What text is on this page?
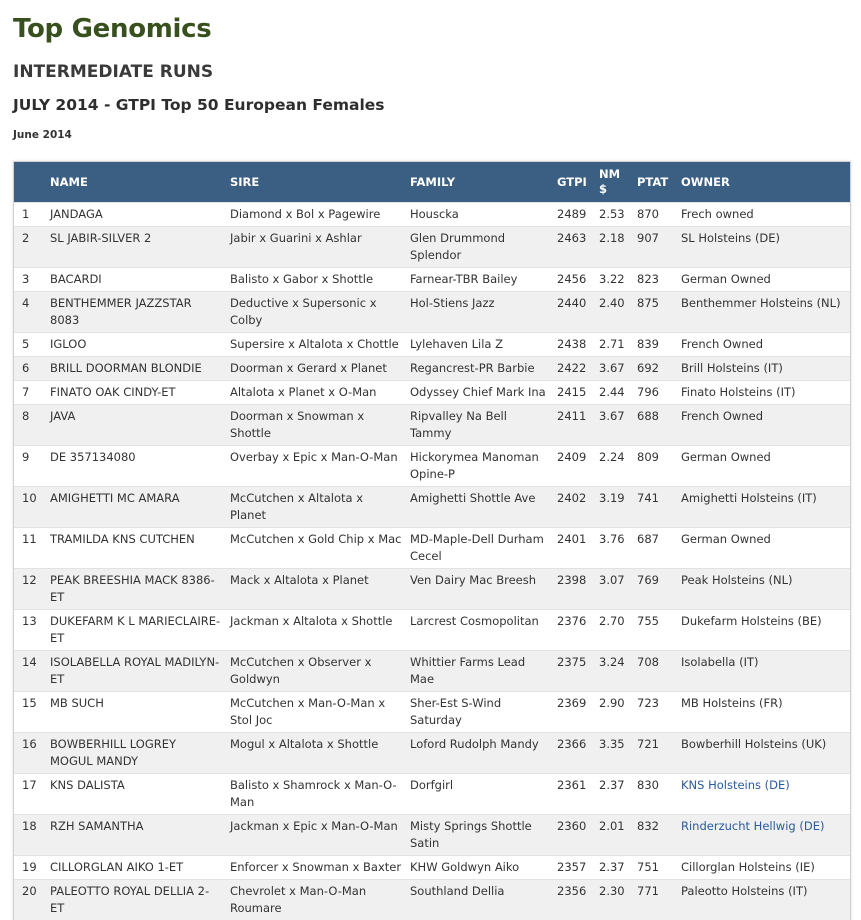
Top Genomics
INTERMEDIATE RUNS
JULY 2014 - GTPI Top 50 European Females

June 2014

	NAME	SIRE	FAMILY	GTPI	NM $	PTAT	OWNER
1	JANDAGA	Diamond x Bol x Pagewire	Houscka	2489	2.53	870	Frech owned
2	SL JABIR-SILVER 2	Jabir x Guarini x Ashlar	Glen Drummond Splendor	2463	2.18	907	SL Holsteins (DE)
3	BACARDI	Balisto x Gabor x Shottle	Farnear-TBR Bailey	2456	3.22	823	German Owned
4	BENTHEMMER JAZZSTAR 8083	Deductive x Supersonic x Colby	Hol-Stiens Jazz	2440	2.40	875	Benthemmer Holsteins (NL)
5	IGLOO	Supersire x Altalota x Chottle	Lylehaven Lila Z	2438	2.71	839	French Owned
6	BRILL DOORMAN BLONDIE	Doorman x Gerard x Planet	Regancrest-PR Barbie	2422	3.67	692	Brill Holsteins (IT)
7	FINATO OAK CINDY-ET	Altalota x Planet x O-Man	Odyssey Chief Mark Ina	2415	2.44	796	Finato Holsteins (IT)
8	JAVA	Doorman x Snowman x Shottle	Ripvalley Na Bell Tammy	2411	3.67	688	French Owned
9	DE 357134080	Overbay x Epic x Man-O-Man	Hickorymea Manoman Opine-P	2409	2.24	809	German Owned
10	AMIGHETTI MC AMARA	McCutchen x Altalota x Planet	Amighetti Shottle Ave	2402	3.19	741	Amighetti Holsteins (IT)
11	TRAMILDA KNS CUTCHEN	McCutchen x Gold Chip x Mac	MD-Maple-Dell Durham Cecel	2401	3.76	687	German Owned
12	PEAK BREESHIA MACK 8386-ET	Mack x Altalota x Planet	Ven Dairy Mac Breesh	2398	3.07	769	Peak Holsteins (NL)
13	DUKEFARM K L MARIECLAIRE-ET	Jackman x Altalota x Shottle	Larcrest Cosmopolitan	2376	2.70	755	Dukefarm Holsteins (BE)
14	ISOLABELLA ROYAL MADILYN-ET	McCutchen x Observer x Goldwyn	Whittier Farms Lead Mae	2375	3.24	708	Isolabella (IT)
15	MB SUCH	McCutchen x Man-O-Man x Stol Joc	Sher-Est S-Wind Saturday	2369	2.90	723	MB Holsteins (FR)
16	BOWBERHILL LOGREY MOGUL MANDY	Mogul x Altalota x Shottle	Loford Rudolph Mandy	2366	3.35	721	Bowberhill Holsteins (UK)
17	KNS DALISTA	Balisto x Shamrock x Man-O-Man	Dorfgirl	2361	2.37	830	KNS Holsteins (DE)
18	RZH SAMANTHA	Jackman x Epic x Man-O-Man	Misty Springs Shottle Satin	2360	2.01	832	Rinderzucht Hellwig (DE)
19	CILLORGLAN AIKO 1-ET	Enforcer x Snowman x Baxter	KHW Goldwyn Aiko	2357	2.37	751	Cillorglan Holsteins (IE)
20	PALEOTTO ROYAL DELLIA 2-ET	Chevrolet x Man-O-Man Roumare	Southland Dellia	2356	2.30	771	Paleotto Holsteins (IT)
